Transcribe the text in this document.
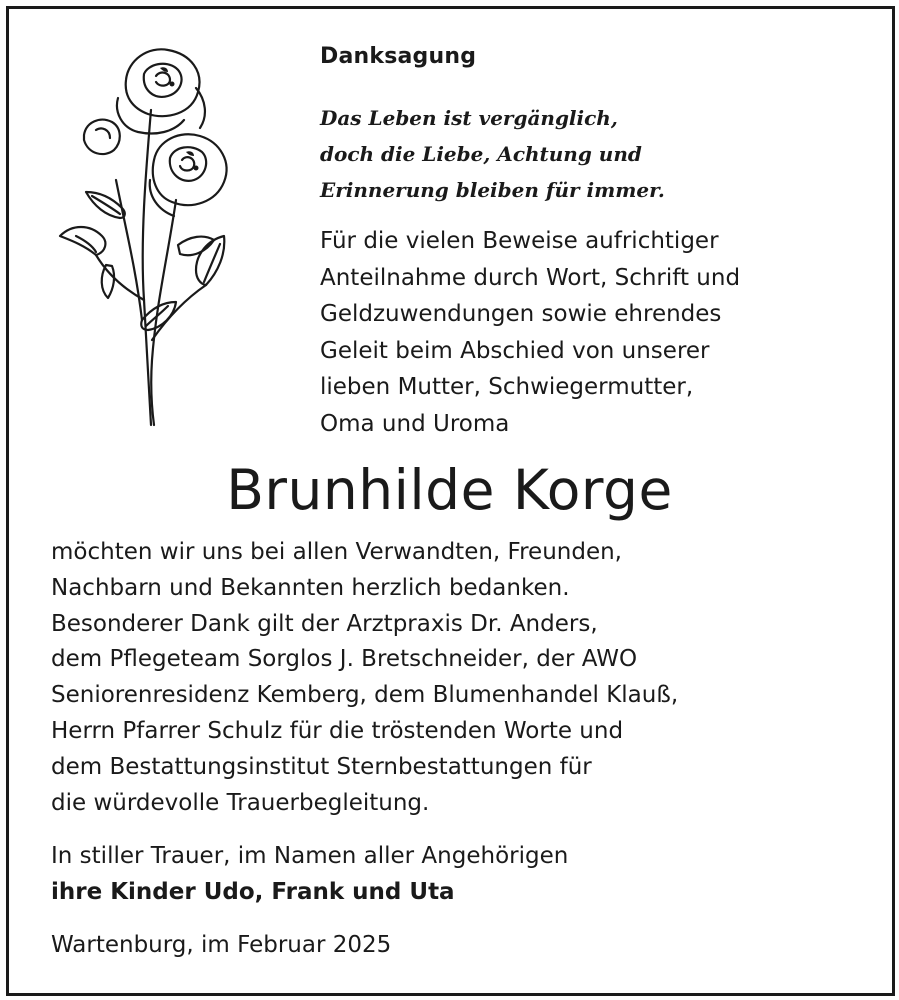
Danksagung
Das Leben ist vergänglich,
doch die Liebe, Achtung und
Erinnerung bleiben für immer.
Für die vielen Beweise aufrichtiger
Anteilnahme durch Wort, Schrift und
Geldzuwendungen sowie ehrendes
Geleit beim Abschied von unserer
lieben Mutter, Schwiegermutter,
Oma und Uroma
Brunhilde Korge
möchten wir uns bei allen Verwandten, Freunden,
Nachbarn und Bekannten herzlich bedanken.
Besonderer Dank gilt der Arztpraxis Dr. Anders,
dem Pflegeteam Sorglos J. Bretschneider, der AWO
Seniorenresidenz Kemberg, dem Blumenhandel Klauß,
Herrn Pfarrer Schulz für die tröstenden Worte und
dem Bestattungsinstitut Sternbestattungen für
die würdevolle Trauerbegleitung.
In stiller Trauer, im Namen aller Angehörigen
ihre Kinder Udo, Frank und Uta
Wartenburg, im Februar 2025
